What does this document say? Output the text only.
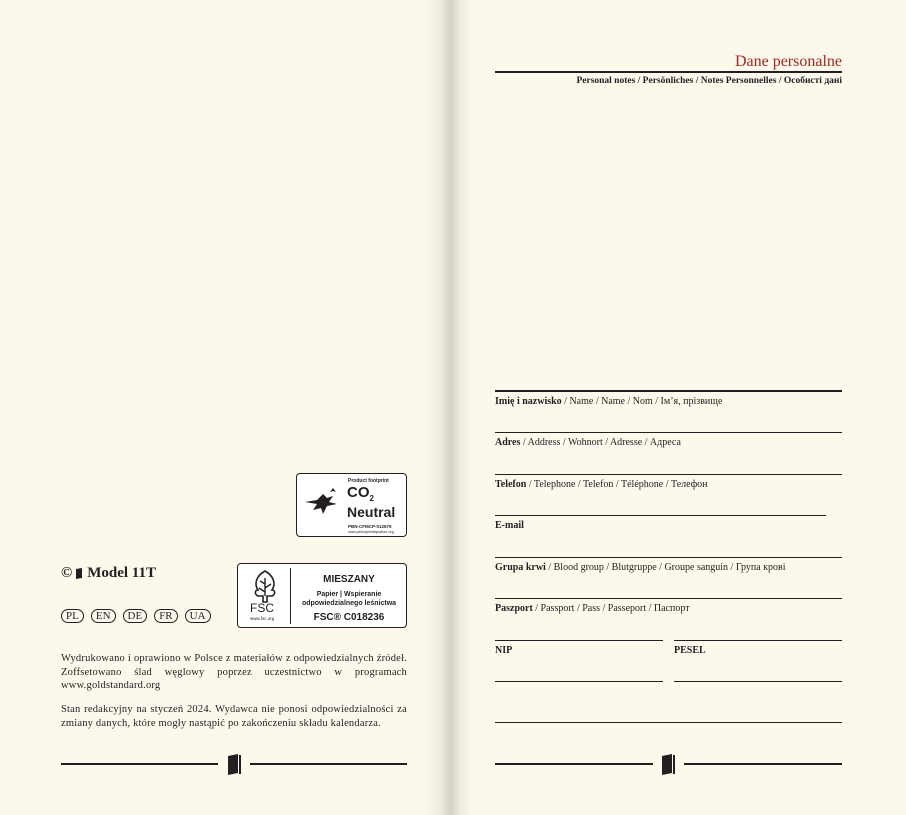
Product footprint
$CO_2$
Neutral
PBN-CFMCP-012875
www.pefootprintbynature.org
FSC
www.fsc.org
MIESZANY
Papier | Wspieranie
odpowiedzialnego leśnictwa
FSC® C018236
© Model 11T
PL	EN	DE	FR	UA
Wydrukowano i oprawiono w Polsce z materiałów z odpowiedzialnych źródeł. Zoffsetowano ślad węglowy poprzez uczestnictwo w programach www.goldstandard.org
Stan redakcyjny na styczeń 2024. Wydawca nie ponosi odpowiedzialności za zmiany danych, które mogły nastąpić po zakończeniu składu kalendarza.
Dane personalne
Personal notes / Persönliches / Notes Personnelles / Особисті дані
Imię i nazwisko / Name / Name / Nom / Ім’я, прізвище
Adres / Address / Wohnort / Adresse / Адреса
Telefon / Telephone / Telefon / Téléphone / Телефон
E-mail
Grupa krwi / Blood group / Blutgruppe / Groupe sanguin / Група крові
Paszport / Passport / Pass / Passeport / Паспорт
NIP	PESEL
